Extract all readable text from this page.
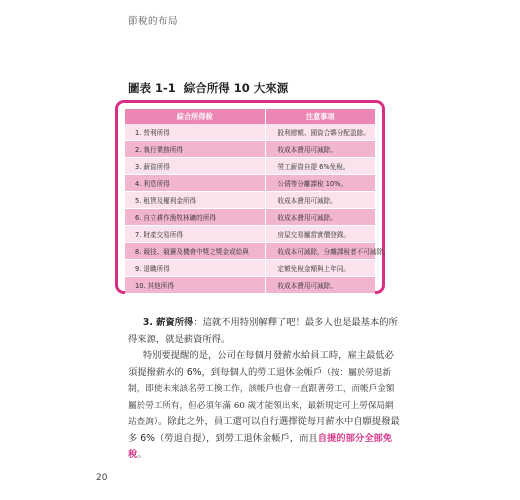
節稅的布局
圖表 1-1 綜合所得 10 大來源
綜合所得稅	注意事項
1. 營利所得	股利總額、國資合夥分配盈餘。
2. 執行業務所得	收成本費用可減除。
3. 薪資所得	勞工薪資自提 6%免稅。
4. 利息所得	公債等分離課稅 10%。
5. 租賃及權利金所得	收成本費用可減除。
6. 自立耕作漁牧林礦的所得	收成本費用可減除。
7. 財產交易所得	房屋交易屬當實價登錄。
8. 競技、競賽及機會中獎之獎金或給與	收成本可減除，分離課稅者不可減除。
9. 退職所得	定額免稅金額與上年同。
10. 其他所得	收成本費用可減除。

3. 薪資所得：這就不用特別解釋了吧！最多人也是最基本的所得來源，就是薪資所得。

特別要提醒的是，公司在每個月發薪水給員工時，雇主最低必須提撥薪水的 6%，到每個人的勞工退休金帳戶（按：屬於勞退新制，即使未來該名勞工換工作，該帳戶也會一直跟著勞工，而帳戶金額屬於勞工所有，但必須年滿 60 歲才能領出來，最新規定可上勞保局網站查詢）。除此之外，員工還可以自行選擇從每月薪水中自願提撥最多 6%（勞退自提），到勞工退休金帳戶，而且自提的部分全部免稅。

20
